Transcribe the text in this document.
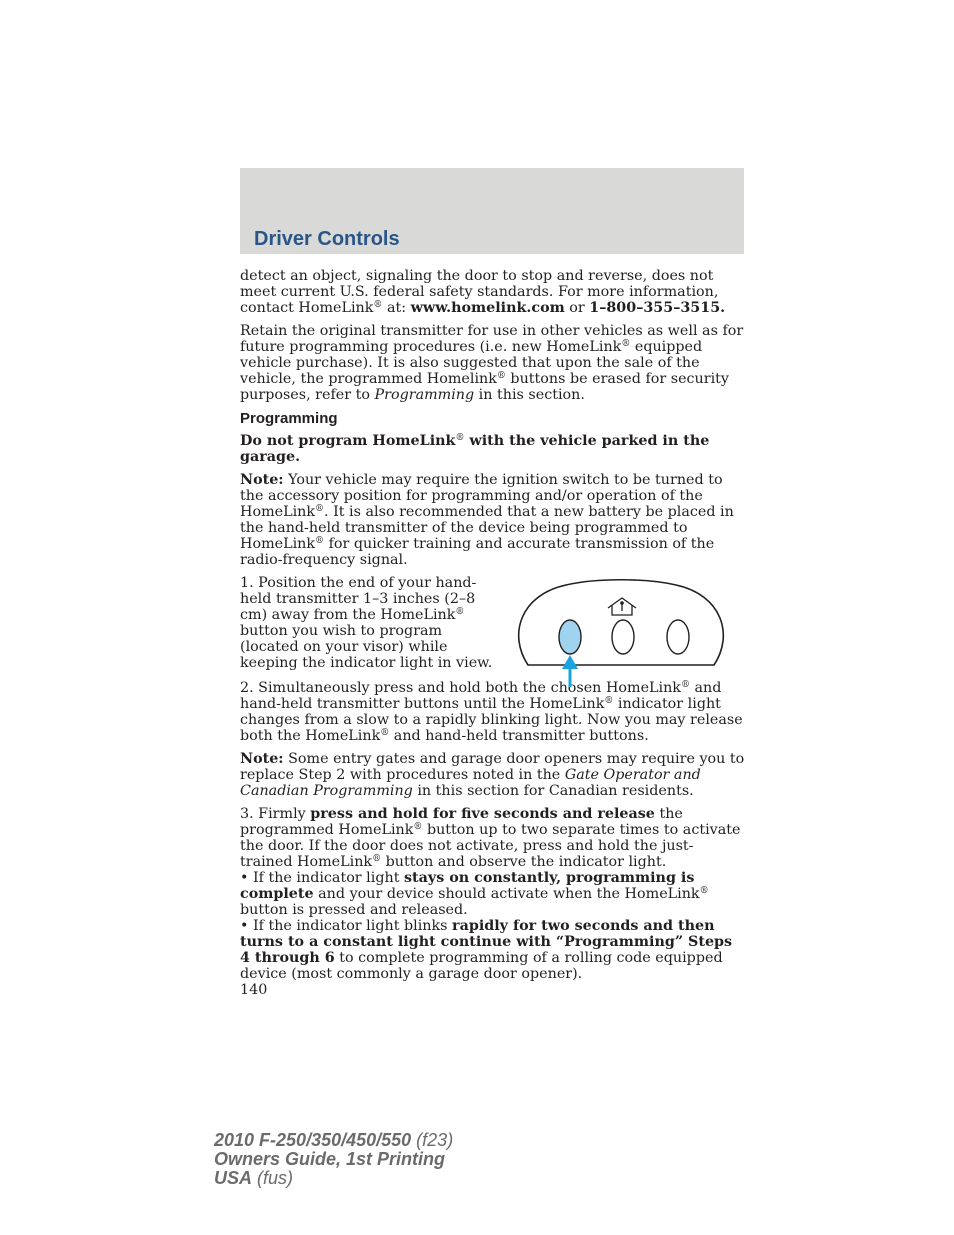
Driver Controls

detect an object, signaling the door to stop and reverse, does not meet current U.S. federal safety standards. For more information, contact HomeLink® at: www.homelink.com or 1–800–355–3515.

Retain the original transmitter for use in other vehicles as well as for future programming procedures (i.e. new HomeLink® equipped vehicle purchase). It is also suggested that upon the sale of the vehicle, the programmed Homelink® buttons be erased for security purposes, refer to Programming in this section.

Programming

Do not program HomeLink® with the vehicle parked in the garage.

Note: Your vehicle may require the ignition switch to be turned to the accessory position for programming and/or operation of the HomeLink®. It is also recommended that a new battery be placed in the hand-held transmitter of the device being programmed to HomeLink® for quicker training and accurate transmission of the radio-frequency signal.

1. Position the end of your hand-held transmitter 1–3 inches (2–8 cm) away from the HomeLink® button you wish to program (located on your visor) while keeping the indicator light in view.

2. Simultaneously press and hold both the chosen HomeLink® and hand-held transmitter buttons until the HomeLink® indicator light changes from a slow to a rapidly blinking light. Now you may release both the HomeLink® and hand-held transmitter buttons.

Note: Some entry gates and garage door openers may require you to replace Step 2 with procedures noted in the Gate Operator and Canadian Programming in this section for Canadian residents.

3. Firmly press and hold for five seconds and release the programmed HomeLink® button up to two separate times to activate the door. If the door does not activate, press and hold the just-trained HomeLink® button and observe the indicator light.

• If the indicator light stays on constantly, programming is complete and your device should activate when the HomeLink® button is pressed and released.

• If the indicator light blinks rapidly for two seconds and then turns to a constant light continue with “Programming” Steps 4 through 6 to complete programming of a rolling code equipped device (most commonly a garage door opener).

140

2010 F-250/350/450/550 (f23)
Owners Guide, 1st Printing
USA (fus)
